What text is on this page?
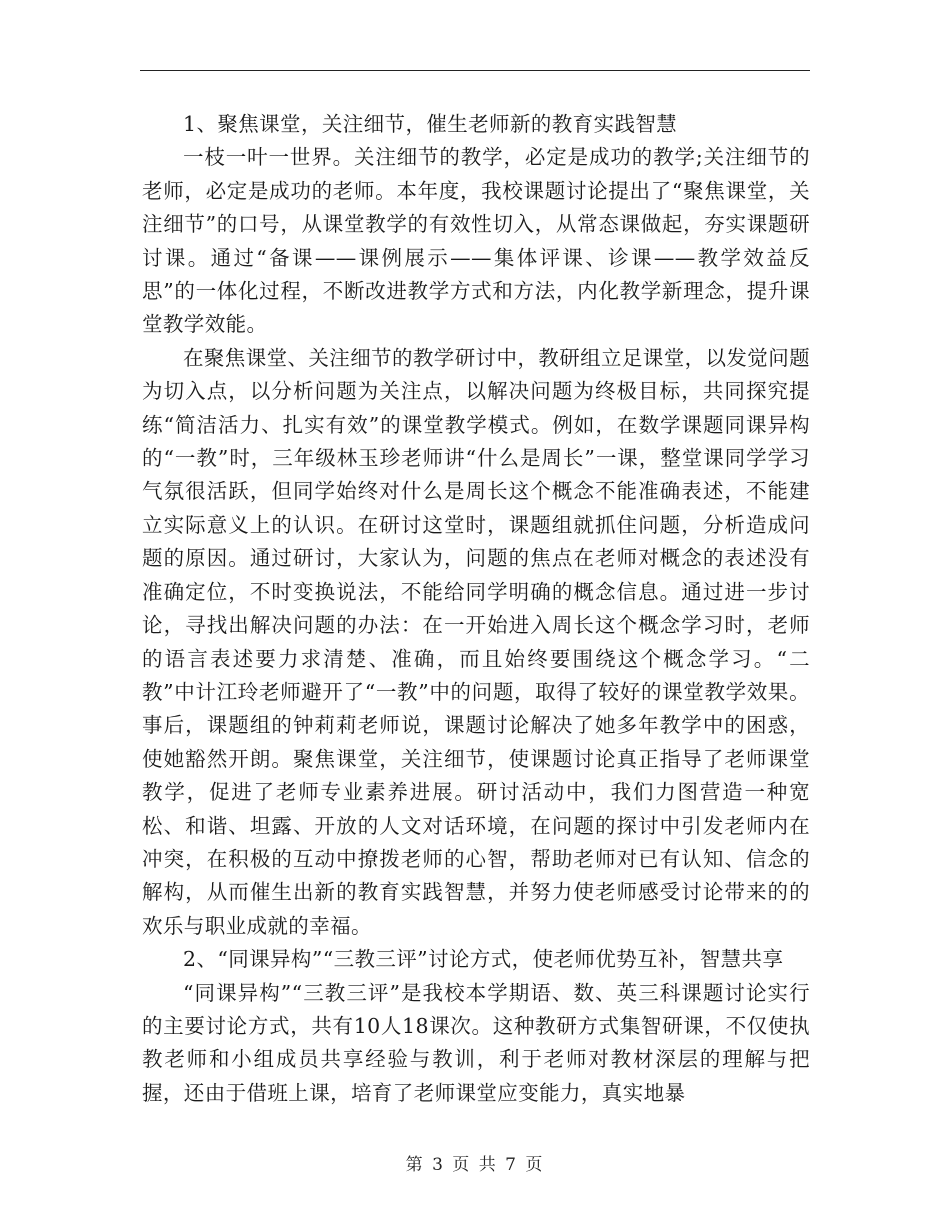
1、聚焦课堂，关注细节，催生老师新的教育实践智慧

一枝一叶一世界。关注细节的教学，必定是成功的教学;关注细节的老师，必定是成功的老师。本年度，我校课题讨论提出了“聚焦课堂，关注细节”的口号，从课堂教学的有效性切入，从常态课做起，夯实课题研讨课。通过“备课——课例展示——集体评课、诊课——教学效益反思”的一体化过程，不断改进教学方式和方法，内化教学新理念，提升课堂教学效能。

在聚焦课堂、关注细节的教学研讨中，教研组立足课堂，以发觉问题为切入点，以分析问题为关注点，以解决问题为终极目标，共同探究提练“简洁活力、扎实有效”的课堂教学模式。例如，在数学课题同课异构的“一教”时，三年级林玉珍老师讲“什么是周长”一课，整堂课同学学习气氛很活跃，但同学始终对什么是周长这个概念不能准确表述，不能建立实际意义上的认识。在研讨这堂时，课题组就抓住问题，分析造成问题的原因。通过研讨，大家认为，问题的焦点在老师对概念的表述没有准确定位，不时变换说法，不能给同学明确的概念信息。通过进一步讨论，寻找出解决问题的办法：在一开始进入周长这个概念学习时，老师的语言表述要力求清楚、准确，而且始终要围绕这个概念学习。“二教”中计江玲老师避开了“一教”中的问题，取得了较好的课堂教学效果。事后，课题组的钟莉莉老师说，课题讨论解决了她多年教学中的困惑，使她豁然开朗。聚焦课堂，关注细节，使课题讨论真正指导了老师课堂教学，促进了老师专业素养进展。研讨活动中，我们力图营造一种宽松、和谐、坦露、开放的人文对话环境，在问题的探讨中引发老师内在冲突，在积极的互动中撩拨老师的心智，帮助老师对已有认知、信念的解构，从而催生出新的教育实践智慧，并努力使老师感受讨论带来的的欢乐与职业成就的幸福。

2、“同课异构”“三教三评”讨论方式，使老师优势互补，智慧共享

“同课异构”“三教三评”是我校本学期语、数、英三科课题讨论实行的主要讨论方式，共有10人18课次。这种教研方式集智研课，不仅使执教老师和小组成员共享经验与教训，利于老师对教材深层的理解与把握，还由于借班上课，培育了老师课堂应变能力，真实地暴

第 3 页 共 7 页
